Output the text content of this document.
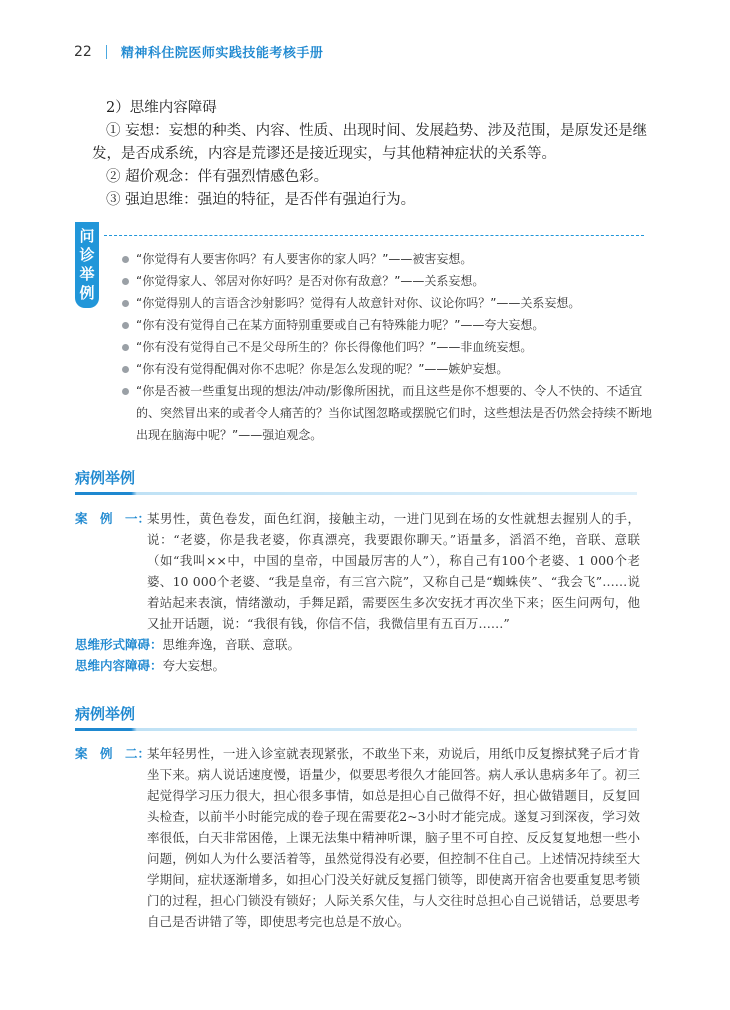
22 精神科住院医师实践技能考核手册

2）思维内容障碍

① 妄想：妄想的种类、内容、性质、出现时间、发展趋势、涉及范围，是原发还是继发，是否成系统，内容是荒谬还是接近现实，与其他精神症状的关系等。

② 超价观念：伴有强烈情感色彩。

③ 强迫思维：强迫的特征，是否伴有强迫行为。

问
诊
举
例
“你觉得有人要害你吗？有人要害你的家人吗？”——被害妄想。
“你觉得家人、邻居对你好吗？是否对你有敌意？”——关系妄想。
“你觉得别人的言语含沙射影吗？觉得有人故意针对你、议论你吗？”——关系妄想。
“你有没有觉得自己在某方面特别重要或自己有特殊能力呢？”——夸大妄想。
“你有没有觉得自己不是父母所生的？你长得像他们吗？”——非血统妄想。
“你有没有觉得配偶对你不忠呢？你是怎么发现的呢？”——嫉妒妄想。
“你是否被一些重复出现的想法/冲动/影像所困扰，而且这些是你不想要的、令人不快的、不适宜的、突然冒出来的或者令人痛苦的？当你试图忽略或摆脱它们时，这些想法是否仍然会持续不断地出现在脑海中呢？”——强迫观念。
病例举例
案　例　一：
某男性，黄色卷发，面色红润，接触主动，一进门见到在场的女性就想去握别人的手，说：“老婆，你是我老婆，你真漂亮，我要跟你聊天。”语量多，滔滔不绝，音联、意联（如“我叫××中，中国的皇帝，中国最厉害的人”），称自己有100个老婆、1 000个老婆、10 000个老婆、“我是皇帝，有三宫六院”，又称自己是“蜘蛛侠”、“我会飞”……说着站起来表演，情绪激动，手舞足蹈，需要医生多次安抚才再次坐下来；医生问两句，他又扯开话题，说：“我很有钱，你信不信，我微信里有五百万……”
思维形式障碍： 思维奔逸，音联、意联。
思维内容障碍： 夸大妄想。
病例举例
案　例　二：
某年轻男性，一进入诊室就表现紧张，不敢坐下来，劝说后，用纸巾反复擦拭凳子后才肯坐下来。病人说话速度慢，语量少，似要思考很久才能回答。病人承认患病多年了。初三起觉得学习压力很大，担心很多事情，如总是担心自己做得不好，担心做错题目，反复回头检查，以前半小时能完成的卷子现在需要花2~3小时才能完成。遂复习到深夜，学习效率很低，白天非常困倦，上课无法集中精神听课，脑子里不可自控、反反复复地想一些小问题，例如人为什么要活着等，虽然觉得没有必要，但控制不住自己。上述情况持续至大学期间，症状逐渐增多，如担心门没关好就反复摇门锁等，即使离开宿舍也要重复思考锁门的过程，担心门锁没有锁好；人际关系欠佳，与人交往时总担心自己说错话，总要思考自己是否讲错了等，即使思考完也总是不放心。
